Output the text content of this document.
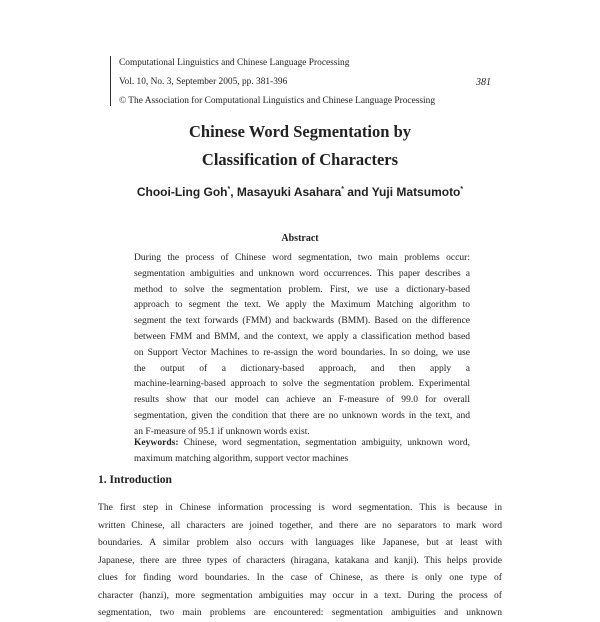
Computational Linguistics and Chinese Language Processing
Vol. 10, No. 3, September 2005, pp. 381-396	381
© The Association for Computational Linguistics and Chinese Language Processing
Chinese Word Segmentation by
Classification of Characters
Chooi-Ling Goh*, Masayuki Asahara* and Yuji Matsumoto*
Abstract
During the process of Chinese word segmentation, two main problems occur:
segmentation ambiguities and unknown word occurrences. This paper describes a
method to solve the segmentation problem. First, we use a dictionary-based
approach to segment the text. We apply the Maximum Matching algorithm to
segment the text forwards (FMM) and backwards (BMM). Based on the difference
between FMM and BMM, and the context, we apply a classification method based
on Support Vector Machines to re-assign the word boundaries. In so doing, we use
the output of a dictionary-based approach, and then apply a
machine-learning-based approach to solve the segmentation problem. Experimental
results show that our model can achieve an F-measure of 99.0 for overall
segmentation, given the condition that there are no unknown words in the text, and
an F-measure of 95.1 if unknown words exist.
Keywords: Chinese, word segmentation, segmentation ambiguity, unknown word,
maximum matching algorithm, support vector machines
1. Introduction
The first step in Chinese information processing is word segmentation. This is because in
written Chinese, all characters are joined together, and there are no separators to mark word
boundaries. A similar problem also occurs with languages like Japanese, but at least with
Japanese, there are three types of characters (hiragana, katakana and kanji). This helps provide
clues for finding word boundaries. In the case of Chinese, as there is only one type of
character (hanzi), more segmentation ambiguities may occur in a text. During the process of
segmentation, two main problems are encountered: segmentation ambiguities and unknown
